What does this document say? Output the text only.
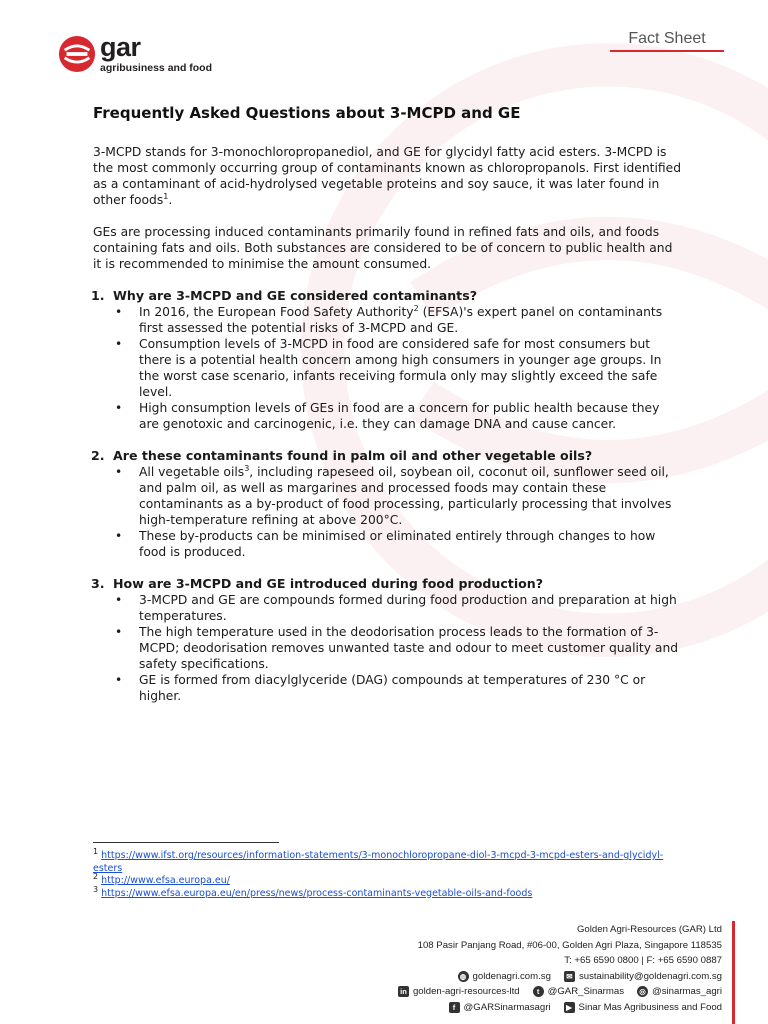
gar
agribusiness and food
Fact Sheet
Frequently Asked Questions about 3-MCPD and GE

3-MCPD stands for 3-monochloropropanediol, and GE for glycidyl fatty acid esters. 3-MCPD is the most commonly occurring group of contaminants known as chloropropanols. First identified as a contaminant of acid-hydrolysed vegetable proteins and soy sauce, it was later found in other foods$^1$.

GEs are processing induced contaminants primarily found in refined fats and oils, and foods containing fats and oils. Both substances are considered to be of concern to public health and it is recommended to minimise the amount consumed.

1. Why are 3-MCPD and GE considered contaminants?
• In 2016, the European Food Safety Authority$^2$ (EFSA)'s expert panel on contaminants first assessed the potential risks of 3-MCPD and GE.
• Consumption levels of 3-MCPD in food are considered safe for most consumers but there is a potential health concern among high consumers in younger age groups. In the worst case scenario, infants receiving formula only may slightly exceed the safe level.
• High consumption levels of GEs in food are a concern for public health because they are genotoxic and carcinogenic, i.e. they can damage DNA and cause cancer.
2. Are these contaminants found in palm oil and other vegetable oils?
• All vegetable oils$^3$, including rapeseed oil, soybean oil, coconut oil, sunflower seed oil, and palm oil, as well as margarines and processed foods may contain these contaminants as a by-product of food processing, particularly processing that involves high-temperature refining at above 200°C.
• These by-products can be minimised or eliminated entirely through changes to how food is produced.
3. How are 3-MCPD and GE introduced during food production?
• 3-MCPD and GE are compounds formed during food production and preparation at high temperatures.
• The high temperature used in the deodorisation process leads to the formation of 3-MCPD; deodorisation removes unwanted taste and odour to meet customer quality and safety specifications.
• GE is formed from diacylglyceride (DAG) compounds at temperatures of 230 °C or higher.
$^1$ https://www.ifst.org/resources/information-statements/3-monochloropropane-diol-3-mcpd-3-mcpd-esters-and-glycidyl-esters
$^2$ http://www.efsa.europa.eu/
$^3$ https://www.efsa.europa.eu/en/press/news/process-contaminants-vegetable-oils-and-foods
Golden Agri-Resources (GAR) Ltd
108 Pasir Panjang Road, #06-00, Golden Agri Plaza, Singapore 118535
T: +65 6590 0800 | F: +65 6590 0887
◍ goldenagri.com.sg	✉ sustainability@goldenagri.com.sg
in golden-agri-resources-ltd	t @GAR_Sinarmas ◎ @sinarmas_agri
f @GARSinarmasagri	▶ Sinar Mas Agribusiness and Food
